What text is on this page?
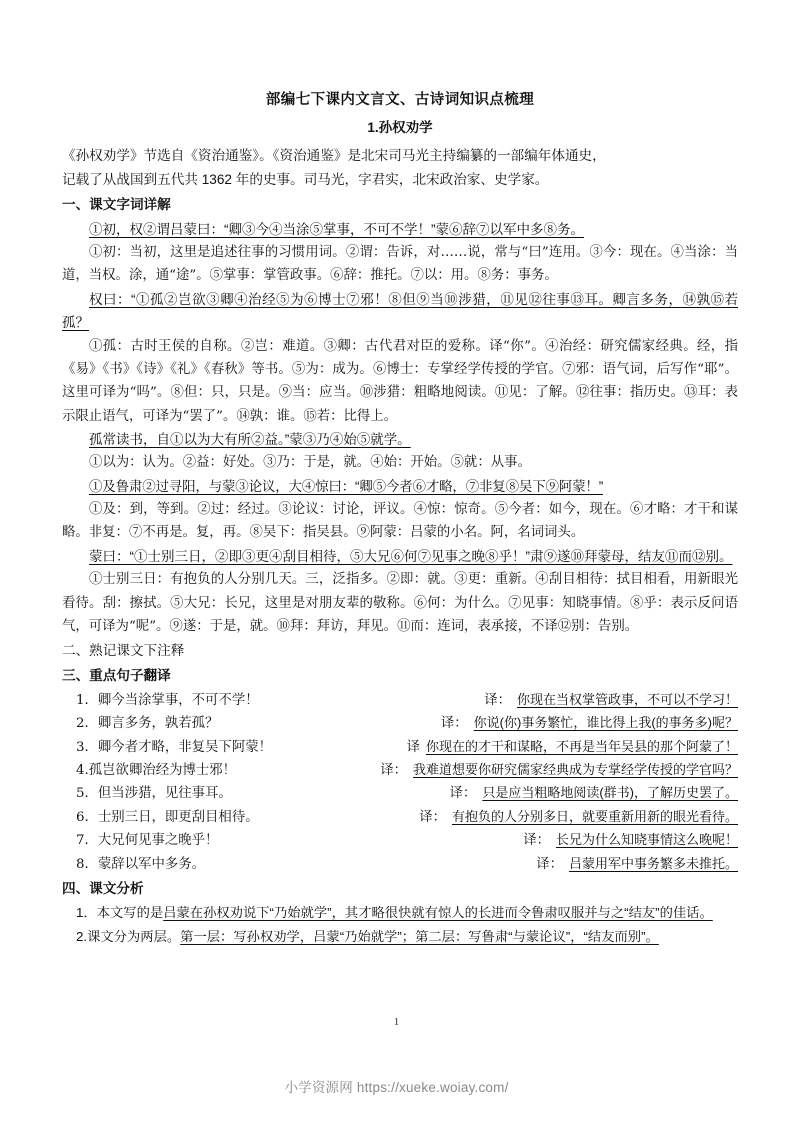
部编七下课内文言文、古诗词知识点梳理
1.孙权劝学

《孙权劝学》节选自《资治通鉴》。《资治通鉴》是北宋司马光主持编纂的一部编年体通史，

记载了从战国到五代共 1362 年的史事。司马光，字君实，北宋政治家、史学家。

一、课文字词详解

①初，权②谓吕蒙曰：“卿③今④当涂⑤掌事，不可不学！”蒙⑥辞⑦以军中多⑧务。

①初：当初，这里是追述往事的习惯用词。②谓：告诉，对……说，常与“曰”连用。③今：现在。④当涂：当道，当权。涂，通“途”。⑤掌事：掌管政事。⑥辞：推托。⑦以：用。⑧务：事务。

权曰：“①孤②岂欲③卿④治经⑤为⑥博士⑦邪！⑧但⑨当⑩涉猎，⑪见⑫往事⑬耳。卿言多务，⑭孰⑮若孤？

①孤：古时王侯的自称。②岂：难道。③卿：古代君对臣的爱称。译“你”。④治经：研究儒家经典。经，指《易》《书》《诗》《礼》《春秋》等书。⑤为：成为。⑥博士：专掌经学传授的学官。⑦邪：语气词，后写作“耶”。这里可译为“吗”。⑧但：只，只是。⑨当：应当。⑩涉猎：粗略地阅读。⑪见：了解。⑫往事：指历史。⑬耳：表示限止语气，可译为“罢了”。⑭孰：谁。⑮若：比得上。

孤常读书，自①以为大有所②益。”蒙③乃④始⑤就学。

①以为：认为。②益：好处。③乃：于是，就。④始：开始。⑤就：从事。

①及鲁肃②过寻阳，与蒙③论议，大④惊曰：“卿⑤今者⑥才略，⑦非复⑧吴下⑨阿蒙！”

①及：到，等到。②过：经过。③论议：讨论，评议。④惊：惊奇。⑤今者：如今，现在。⑥才略：才干和谋略。非复：⑦不再是。复，再。⑧吴下：指吴县。⑨阿蒙：吕蒙的小名。阿，名词词头。

蒙曰：“①士别三日，②即③更④刮目相待，⑤大兄⑥何⑦见事之晚⑧乎！”肃⑨遂⑩拜蒙母，结友⑪而⑫别。

①士别三日：有抱负的人分别几天。三，泛指多。②即：就。③更：重新。④刮目相待：拭目相看，用新眼光看待。刮：擦拭。⑤大兄：长兄，这里是对朋友辈的敬称。⑥何：为什么。⑦见事：知晓事情。⑧乎：表示反问语气，可译为“呢”。⑨遂：于是，就。⑩拜：拜访，拜见。⑪而：连词，表承接，不译⑫别：告别。

二、熟记课文下注释
三、重点句子翻译
1． 卿今当涂掌事，不可不学！	译： 你现在当权掌管政事，不可以不学习！
2． 卿言多务，孰若孤？	译： 你说(你)事务繁忙，谁比得上我(的事务多)呢？
3． 卿今者才略，非复吴下阿蒙！	译 你现在的才干和谋略，不再是当年吴县的那个阿蒙了！
4. 孤岂欲卿治经为博士邪！	译： 我难道想要你研究儒家经典成为专掌经学传授的学官吗？
5． 但当涉猎，见往事耳。	译： 只是应当粗略地阅读(群书)，了解历史罢了。
6． 士别三日，即更刮目相待。	译： 有抱负的人分别多日，就要重新用新的眼光看待。
7． 大兄何见事之晚乎！	译： 长兄为什么知晓事情这么晚呢！
8． 蒙辞以军中多务。	译： 吕蒙用军中事务繁多未推托。
四、课文分析

1．本文写的是吕蒙在孙权劝说下“乃始就学”，其才略很快就有惊人的长进而令鲁肃叹服并与之“结友”的佳话。

2.课文分为两层。第一层：写孙权劝学，吕蒙“乃始就学”；第二层：写鲁肃“与蒙论议”，“结友而别”。

1
小学资源网 https://xueke.woiay.com/
